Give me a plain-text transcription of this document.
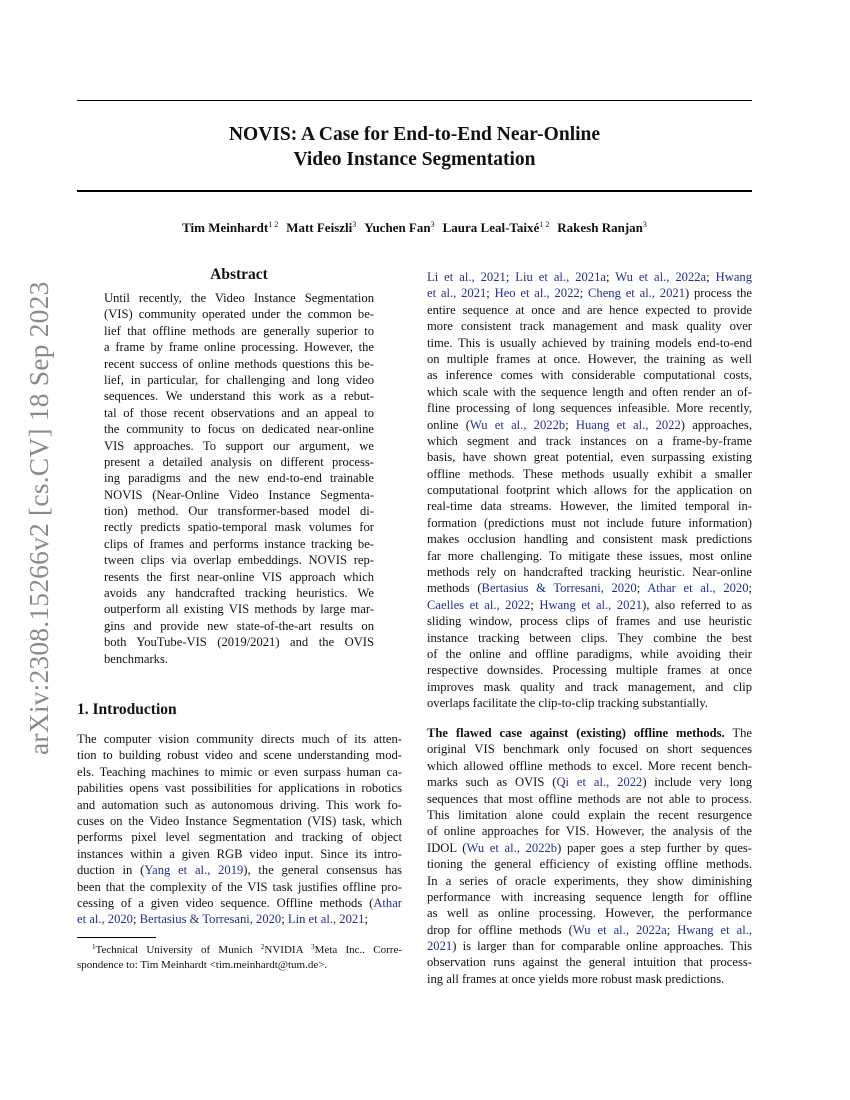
NOVIS: A Case for End-to-End Near-Online
Video Instance Segmentation
Tim Meinhardt$^{1 2}$ Matt Feiszli$^3$ Yuchen Fan$^3$ Laura Leal-Taixé$^{1 2}$ Rakesh Ranjan$^3$
arXiv:2308.15266v2 [cs.CV] 18 Sep 2023
Abstract
Until recently, the Video Instance Segmentation
(VIS) community operated under the common be-
lief that offline methods are generally superior to
a frame by frame online processing. However, the
recent success of online methods questions this be-
lief, in particular, for challenging and long video
sequences. We understand this work as a rebut-
tal of those recent observations and an appeal to
the community to focus on dedicated near-online
VIS approaches. To support our argument, we
present a detailed analysis on different process-
ing paradigms and the new end-to-end trainable
NOVIS (Near-Online Video Instance Segmenta-
tion) method. Our transformer-based model di-
rectly predicts spatio-temporal mask volumes for
clips of frames and performs instance tracking be-
tween clips via overlap embeddings. NOVIS rep-
resents the first near-online VIS approach which
avoids any handcrafted tracking heuristics. We
outperform all existing VIS methods by large mar-
gins and provide new state-of-the-art results on
both YouTube-VIS (2019/2021) and the OVIS
benchmarks.
1. Introduction
The computer vision community directs much of its atten-
tion to building robust video and scene understanding mod-
els. Teaching machines to mimic or even surpass human ca-
pabilities opens vast possibilities for applications in robotics
and automation such as autonomous driving. This work fo-
cuses on the Video Instance Segmentation (VIS) task, which
performs pixel level segmentation and tracking of object
instances within a given RGB video input. Since its intro-
duction in (Yang et al., 2019), the general consensus has
been that the complexity of the VIS task justifies offline pro-
cessing of a given video sequence. Offline methods (Athar
et al., 2020; Bertasius & Torresani, 2020; Lin et al., 2021;
$^1$Technical University of Munich $^2$NVIDIA $^3$Meta Inc.. Corre-
spondence to: Tim Meinhardt <tim.meinhardt@tum.de>.
Li et al., 2021; Liu et al., 2021a; Wu et al., 2022a; Hwang
et al., 2021; Heo et al., 2022; Cheng et al., 2021) process the
entire sequence at once and are hence expected to provide
more consistent track management and mask quality over
time. This is usually achieved by training models end-to-end
on multiple frames at once. However, the training as well
as inference comes with considerable computational costs,
which scale with the sequence length and often render an of-
fline processing of long sequences infeasible. More recently,
online (Wu et al., 2022b; Huang et al., 2022) approaches,
which segment and track instances on a frame-by-frame
basis, have shown great potential, even surpassing existing
offline methods. These methods usually exhibit a smaller
computational footprint which allows for the application on
real-time data streams. However, the limited temporal in-
formation (predictions must not include future information)
makes occlusion handling and consistent mask predictions
far more challenging. To mitigate these issues, most online
methods rely on handcrafted tracking heuristic. Near-online
methods (Bertasius & Torresani, 2020; Athar et al., 2020;
Caelles et al., 2022; Hwang et al., 2021), also referred to as
sliding window, process clips of frames and use heuristic
instance tracking between clips. They combine the best
of the online and offline paradigms, while avoiding their
respective downsides. Processing multiple frames at once
improves mask quality and track management, and clip
overlaps facilitate the clip-to-clip tracking substantially.
The flawed case against (existing) offline methods. The
original VIS benchmark only focused on short sequences
which allowed offline methods to excel. More recent bench-
marks such as OVIS (Qi et al., 2022) include very long
sequences that most offline methods are not able to process.
This limitation alone could explain the recent resurgence
of online approaches for VIS. However, the analysis of the
IDOL (Wu et al., 2022b) paper goes a step further by ques-
tioning the general efficiency of existing offline methods.
In a series of oracle experiments, they show diminishing
performance with increasing sequence length for offline
as well as online processing. However, the performance
drop for offline methods (Wu et al., 2022a; Hwang et al.,
2021) is larger than for comparable online approaches. This
observation runs against the general intuition that process-
ing all frames at once yields more robust mask predictions.
